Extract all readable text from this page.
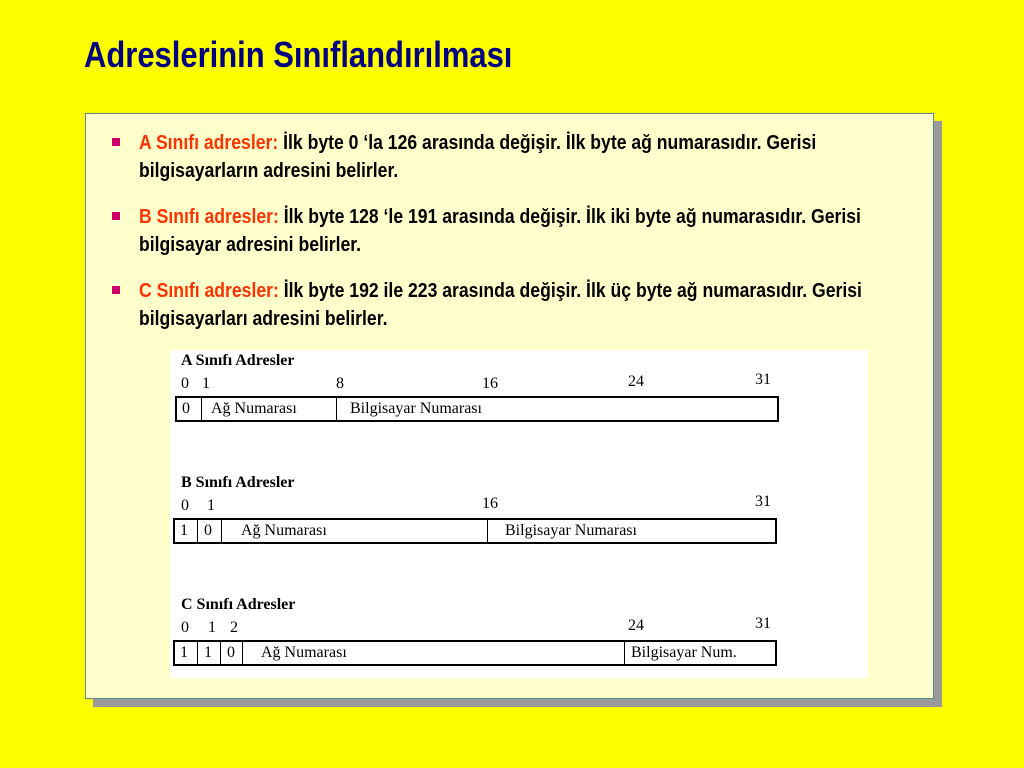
Adreslerinin Sınıflandırılması
A Sınıfı adresler: İlk byte 0 ‘la 126 arasında değişir. İlk byte ağ numarasıdır. Gerisi bilgisayarların adresini belirler.
B Sınıfı adresler: İlk byte 128 ‘le 191 arasında değişir. İlk iki byte ağ numarasıdır. Gerisi bilgisayar adresini belirler.
C Sınıfı adresler: İlk byte 192 ile 223 arasında değişir. İlk üç byte ağ numarasıdır. Gerisi bilgisayarları adresini belirler.
A Sınıfı Adresler
0 1	8	16	24	31
0 Ağ Numarası	Bilgisayar Numarası
B Sınıfı Adresler
0 1	16	31
1 0 Ağ Numarası	Bilgisayar Numarası
C Sınıfı Adresler
0 1 2	24	31
1 1 0 Ağ Numarası	Bilgisayar Num.
